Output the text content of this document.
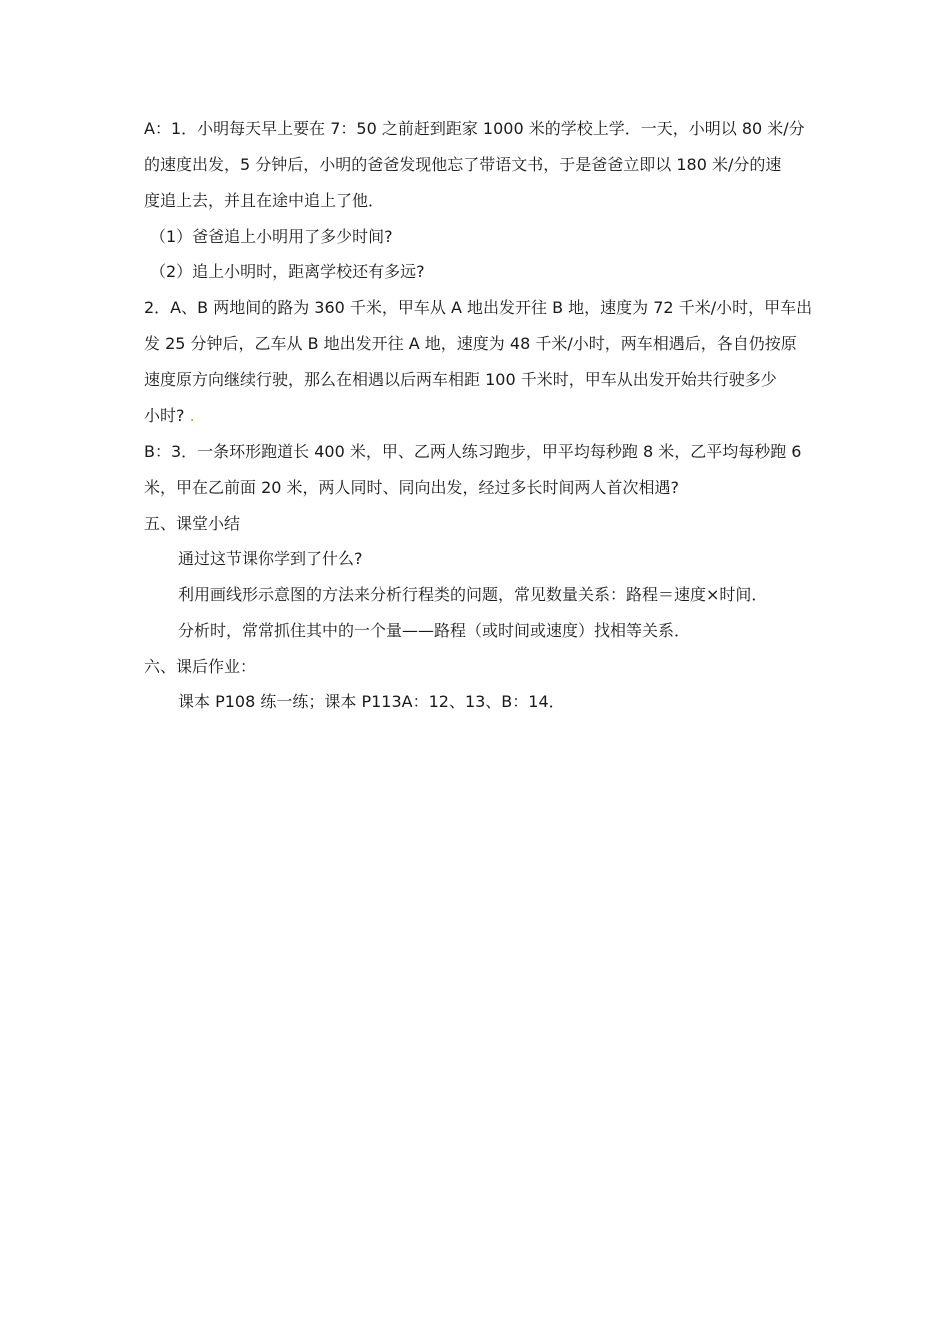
A：1．小明每天早上要在 7：50 之前赶到距家 1000 米的学校上学．一天，小明以 80 米/分
的速度出发，5 分钟后，小明的爸爸发现他忘了带语文书，于是爸爸立即以 180 米/分的速
度追上去，并且在途中追上了他．
（1）爸爸追上小明用了多少时间?
（2）追上小明时，距离学校还有多远?
2．A、B 两地间的路为 360 千米，甲车从 A 地出发开往 B 地，速度为 72 千米/小时，甲车出
发 25 分钟后，乙车从 B 地出发开往 A 地，速度为 48 千米/小时，两车相遇后，各自仍按原
速度原方向继续行驶，那么在相遇以后两车相距 100 千米时，甲车从出发开始共行驶多少
小时? .
B：3．一条环形跑道长 400 米，甲、乙两人练习跑步，甲平均每秒跑 8 米，乙平均每秒跑 6
米，甲在乙前面 20 米，两人同时、同向出发，经过多长时间两人首次相遇?
五、课堂小结
通过这节课你学到了什么?
利用画线形示意图的方法来分析行程类的问题，常见数量关系：路程＝速度×时间．
分析时，常常抓住其中的一个量——路程（或时间或速度）找相等关系．
六、课后作业：
课本 P108 练一练；课本 P113A：12、13、B：14．
